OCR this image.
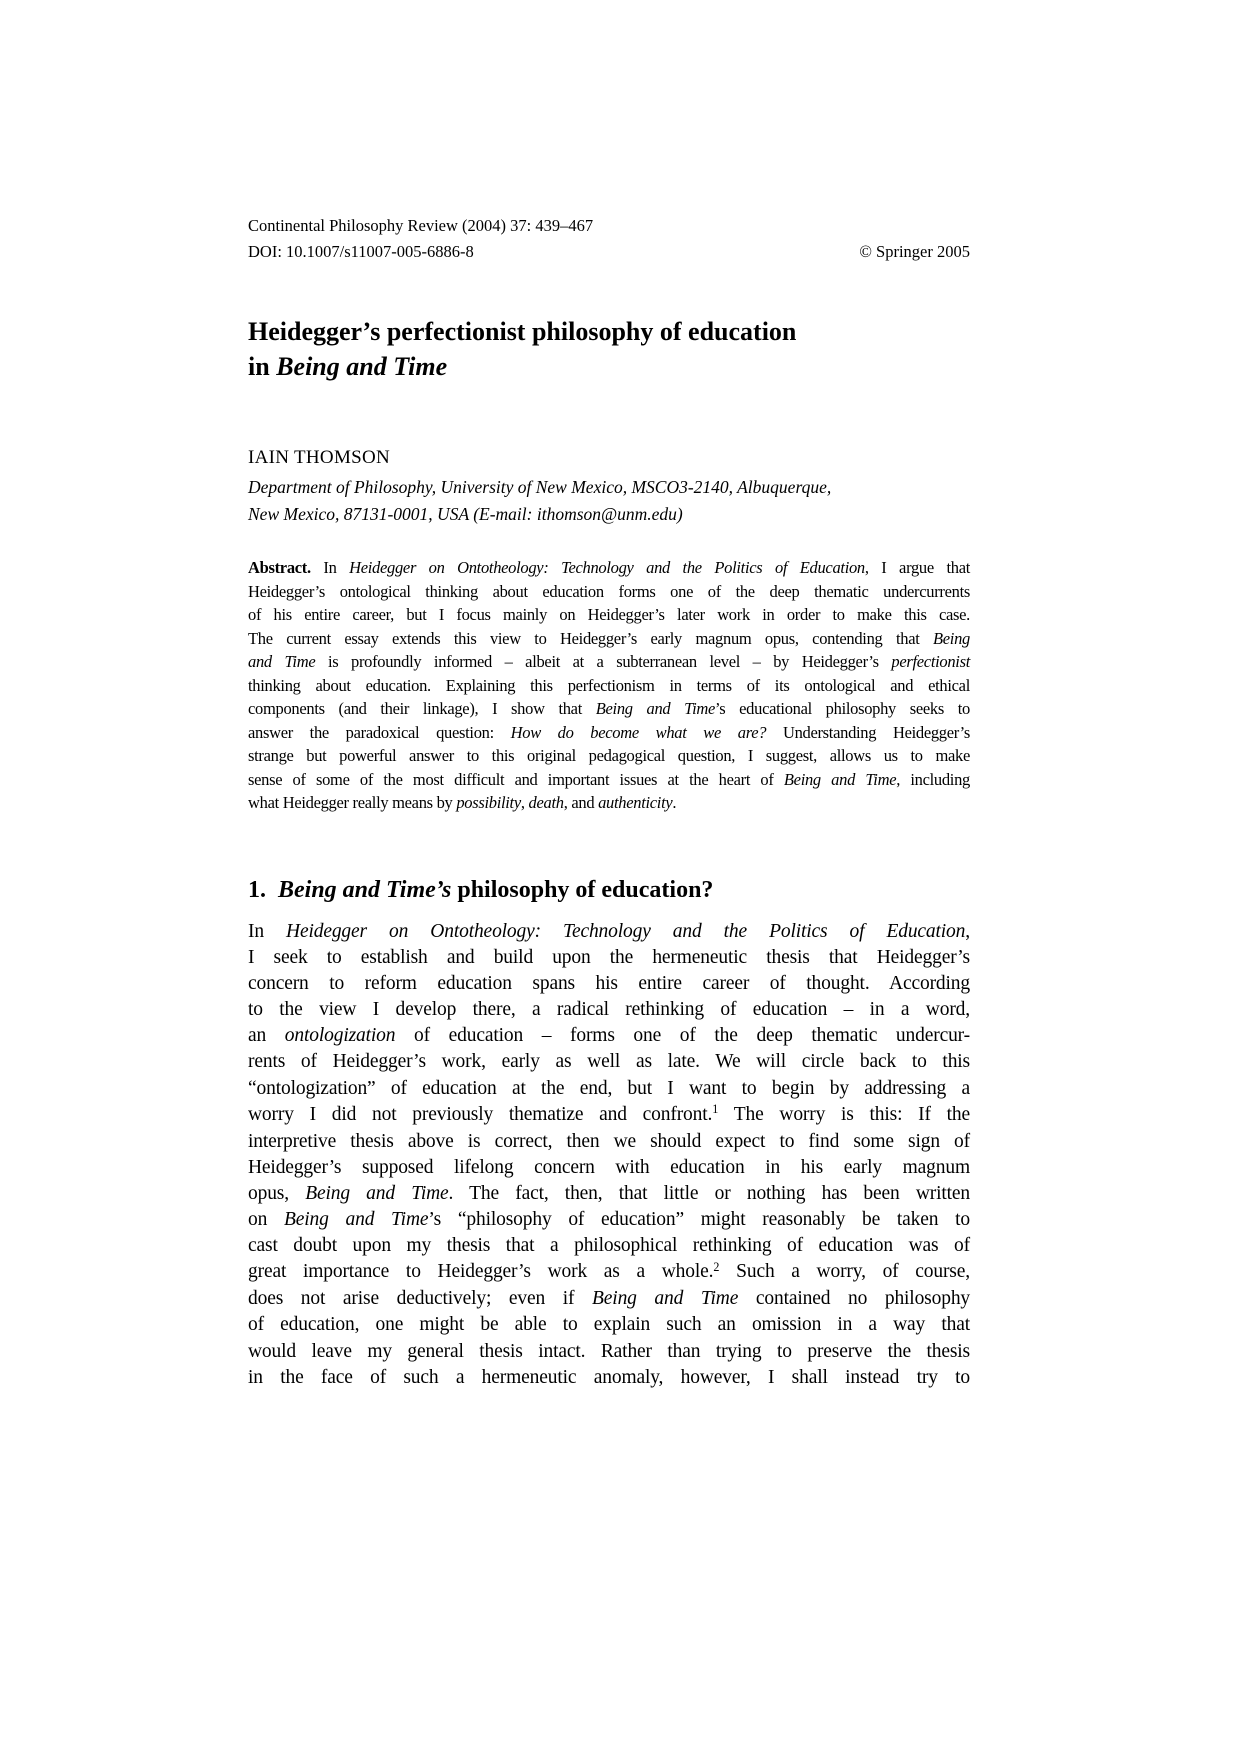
Continental Philosophy Review (2004) 37: 439–467
DOI: 10.1007/s11007-005-6886-8	© Springer 2005
Heidegger’s perfectionist philosophy of education
in Being and Time
IAIN THOMSON
Department of Philosophy, University of New Mexico, MSCO3-2140, Albuquerque,
New Mexico, 87131-0001, USA (E-mail: ithomson@unm.edu)
Abstract. In Heidegger on Ontotheology: Technology and the Politics of Education, I argue that
Heidegger’s ontological thinking about education forms one of the deep thematic undercurrents
of his entire career, but I focus mainly on Heidegger’s later work in order to make this case.
The current essay extends this view to Heidegger’s early magnum opus, contending that Being
and Time is profoundly informed – albeit at a subterranean level – by Heidegger’s perfectionist
thinking about education. Explaining this perfectionism in terms of its ontological and ethical
components (and their linkage), I show that Being and Time’s educational philosophy seeks to
answer the paradoxical question: How do become what we are? Understanding Heidegger’s
strange but powerful answer to this original pedagogical question, I suggest, allows us to make
sense of some of the most difficult and important issues at the heart of Being and Time, including
what Heidegger really means by possibility, death, and authenticity.
1.  Being and Time’s philosophy of education?
In Heidegger on Ontotheology: Technology and the Politics of Education,
I seek to establish and build upon the hermeneutic thesis that Heidegger’s
concern to reform education spans his entire career of thought. According
to the view I develop there, a radical rethinking of education – in a word,
an ontologization of education – forms one of the deep thematic undercur-
rents of Heidegger’s work, early as well as late. We will circle back to this
“ontologization” of education at the end, but I want to begin by addressing a
worry I did not previously thematize and confront.$^1$ The worry is this: If the
interpretive thesis above is correct, then we should expect to find some sign of
Heidegger’s supposed lifelong concern with education in his early magnum
opus, Being and Time. The fact, then, that little or nothing has been written
on Being and Time’s “philosophy of education” might reasonably be taken to
cast doubt upon my thesis that a philosophical rethinking of education was of
great importance to Heidegger’s work as a whole.$^2$ Such a worry, of course,
does not arise deductively; even if Being and Time contained no philosophy
of education, one might be able to explain such an omission in a way that
would leave my general thesis intact. Rather than trying to preserve the thesis
in the face of such a hermeneutic anomaly, however, I shall instead try to
